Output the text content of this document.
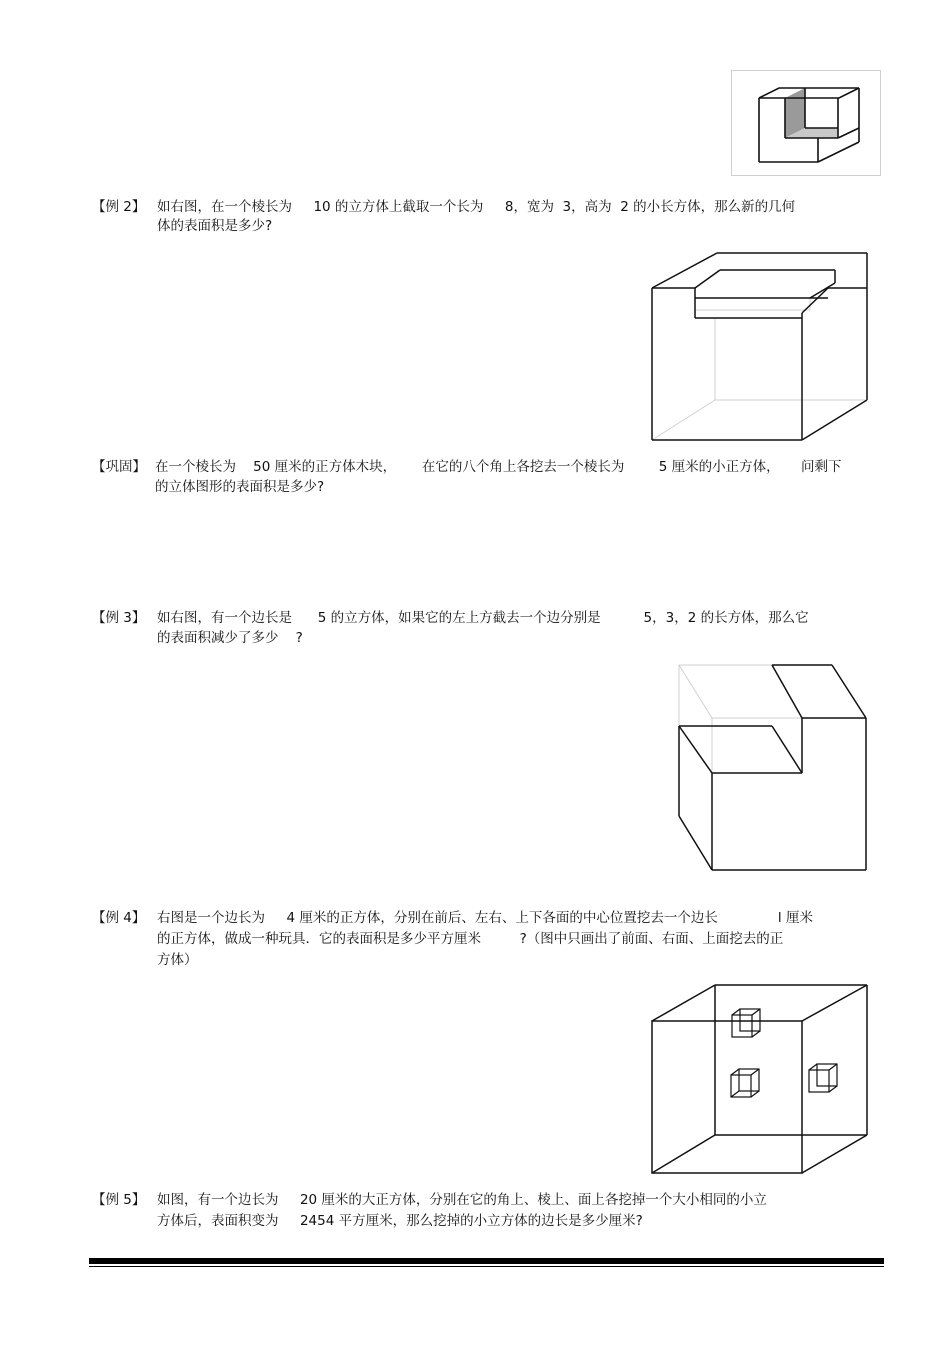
【例 2】 如右图，在一个棱长为     10 的立方体上截取一个长为     8，宽为  3，高为  2 的小长方体，那么新的几何
体的表面积是多少?
【巩固】 在一个棱长为    50 厘米的正方体木块，      在它的八个角上各挖去一个棱长为        5 厘米的小正方体，     问剩下
的立体图形的表面积是多少?
【例 3】 如右图，有一个边长是      5 的立方体，如果它的左上方截去一个边分别是          5，3，2 的长方体，那么它
的表面积减少了多少    ?
【例 4】 右图是一个边长为     4 厘米的正方体，分别在前后、左右、上下各面的中心位置挖去一个边长              l 厘米
的正方体，做成一种玩具．它的表面积是多少平方厘米         ?（图中只画出了前面、右面、上面挖去的正
方体）
【例 5】 如图，有一个边长为     20 厘米的大正方体，分别在它的角上、棱上、面上各挖掉一个大小相同的小立
方体后，表面积变为     2454 平方厘米，那么挖掉的小立方体的边长是多少厘米?
